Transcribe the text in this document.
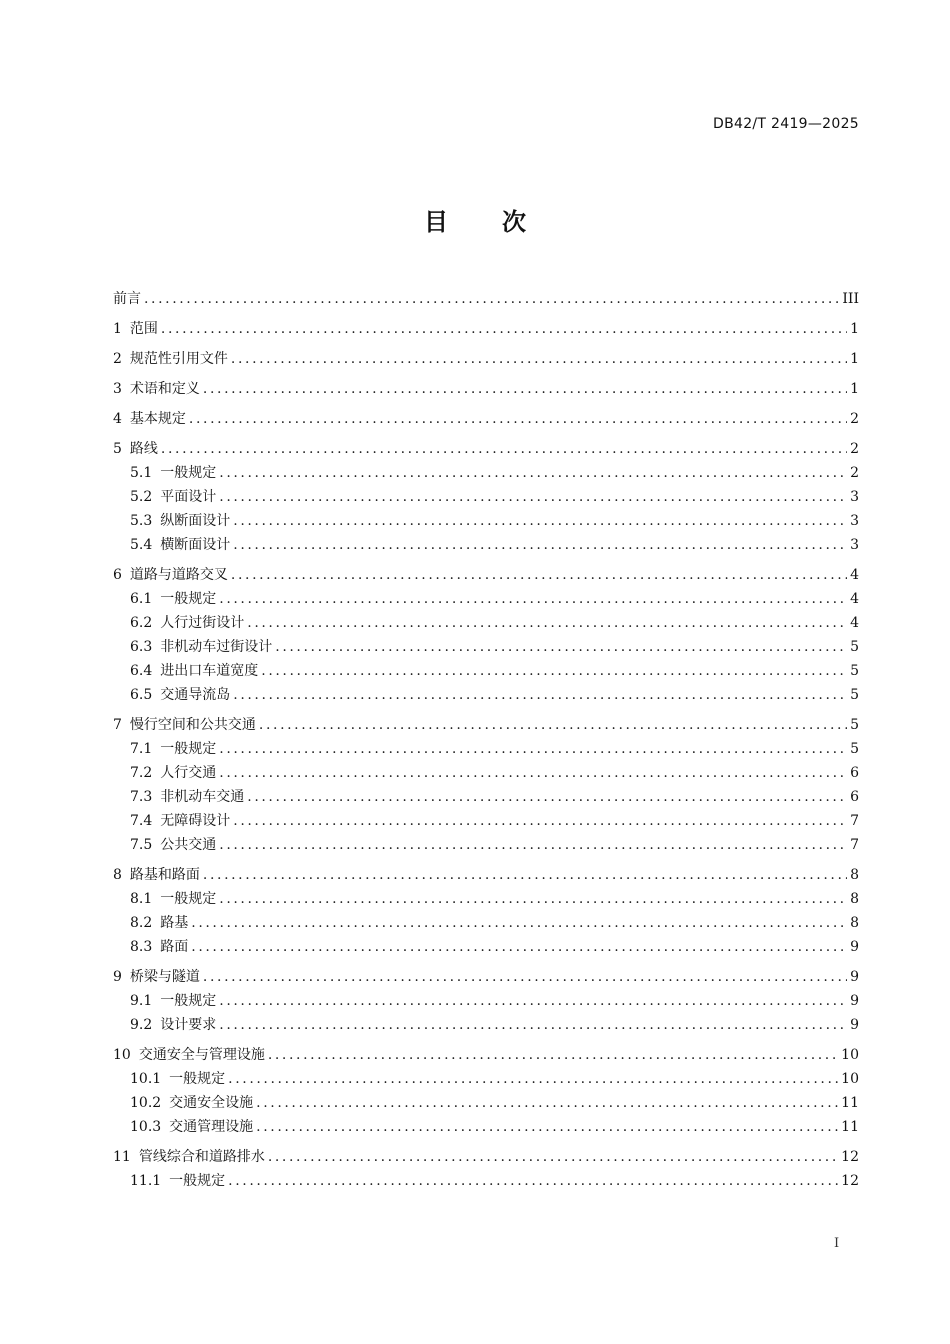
DB42/T 2419—2025
目 次
前言 .....	III
1 范围 .....	1
2 规范性引用文件 .....	1
3 术语和定义 .....	1
4 基本规定 .....	2
5 路线 .....	2
5.1 一般规定 .....	2
5.2 平面设计 .....	3
5.3 纵断面设计 .....	3
5.4 横断面设计 .....	3
6 道路与道路交叉 .....	4
6.1 一般规定 .....	4
6.2 人行过街设计 .....	4
6.3 非机动车过街设计 .....	5
6.4 进出口车道宽度 .....	5
6.5 交通导流岛 .....	5
7 慢行空间和公共交通 .....	5
7.1 一般规定 .....	5
7.2 人行交通 .....	6
7.3 非机动车交通 .....	6
7.4 无障碍设计 .....	7
7.5 公共交通 .....	7
8 路基和路面 .....	8
8.1 一般规定 .....	8
8.2 路基 .....	8
8.3 路面 .....	9
9 桥梁与隧道 .....	9
9.1 一般规定 .....	9
9.2 设计要求 .....	9
10 交通安全与管理设施 .....	10
10.1 一般规定 .....	10
10.2 交通安全设施 .....	11
10.3 交通管理设施 .....	11
11 管线综合和道路排水 .....	12
11.1 一般规定 .....	12
I
